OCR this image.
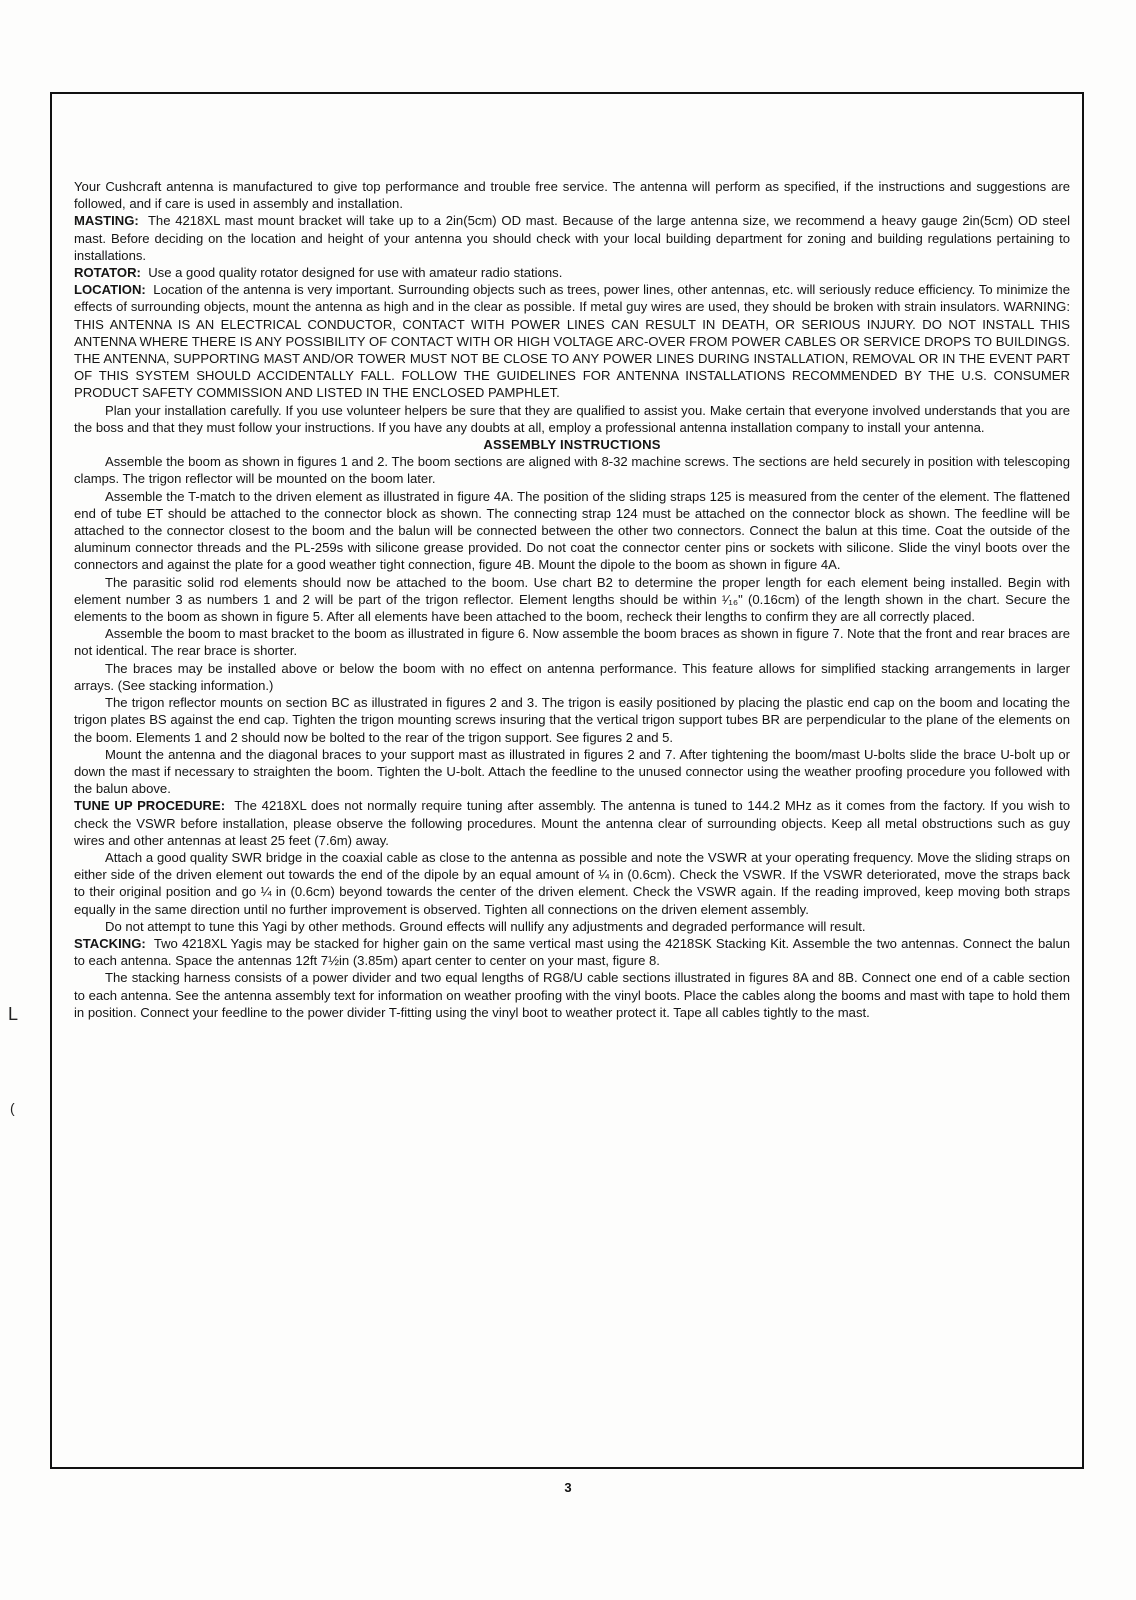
L
(

Your Cushcraft antenna is manufactured to give top performance and trouble free service. The antenna will perform as specified, if the instructions and suggestions are followed, and if care is used in assembly and installation.

MASTING: The 4218XL mast mount bracket will take up to a 2in(5cm) OD mast. Because of the large antenna size, we recommend a heavy gauge 2in(5cm) OD steel mast. Before deciding on the location and height of your antenna you should check with your local building department for zoning and building regulations pertaining to installations.

ROTATOR: Use a good quality rotator designed for use with amateur radio stations.

LOCATION: Location of the antenna is very important. Surrounding objects such as trees, power lines, other antennas, etc. will seriously reduce efficiency. To minimize the effects of surrounding objects, mount the antenna as high and in the clear as possible. If metal guy wires are used, they should be broken with strain insulators. WARNING: THIS ANTENNA IS AN ELECTRICAL CONDUCTOR, CONTACT WITH POWER LINES CAN RESULT IN DEATH, OR SERIOUS INJURY. DO NOT INSTALL THIS ANTENNA WHERE THERE IS ANY POSSIBILITY OF CONTACT WITH OR HIGH VOLTAGE ARC-OVER FROM POWER CABLES OR SERVICE DROPS TO BUILDINGS. THE ANTENNA, SUPPORTING MAST AND/OR TOWER MUST NOT BE CLOSE TO ANY POWER LINES DURING INSTALLATION, REMOVAL OR IN THE EVENT PART OF THIS SYSTEM SHOULD ACCIDENTALLY FALL. FOLLOW THE GUIDELINES FOR ANTENNA INSTALLATIONS RECOMMENDED BY THE U.S. CONSUMER PRODUCT SAFETY COMMISSION AND LISTED IN THE ENCLOSED PAMPHLET.

Plan your installation carefully. If you use volunteer helpers be sure that they are qualified to assist you. Make certain that everyone involved understands that you are the boss and that they must follow your instructions. If you have any doubts at all, employ a professional antenna installation company to install your antenna.

ASSEMBLY INSTRUCTIONS

Assemble the boom as shown in figures 1 and 2. The boom sections are aligned with 8-32 machine screws. The sections are held securely in position with telescoping clamps. The trigon reflector will be mounted on the boom later.

Assemble the T-match to the driven element as illustrated in figure 4A. The position of the sliding straps 125 is measured from the center of the element. The flattened end of tube ET should be attached to the connector block as shown. The connecting strap 124 must be attached on the connector block as shown. The feedline will be attached to the connector closest to the boom and the balun will be connected between the other two connectors. Connect the balun at this time. Coat the outside of the aluminum connector threads and the PL-259s with silicone grease provided. Do not coat the connector center pins or sockets with silicone. Slide the vinyl boots over the connectors and against the plate for a good weather tight connection, figure 4B. Mount the dipole to the boom as shown in figure 4A.

The parasitic solid rod elements should now be attached to the boom. Use chart B2 to determine the proper length for each element being installed. Begin with element number 3 as numbers 1 and 2 will be part of the trigon reflector. Element lengths should be within ¹⁄₁₆" (0.16cm) of the length shown in the chart. Secure the elements to the boom as shown in figure 5. After all elements have been attached to the boom, recheck their lengths to confirm they are all correctly placed.

Assemble the boom to mast bracket to the boom as illustrated in figure 6. Now assemble the boom braces as shown in figure 7. Note that the front and rear braces are not identical. The rear brace is shorter.

The braces may be installed above or below the boom with no effect on antenna performance. This feature allows for simplified stacking arrangements in larger arrays. (See stacking information.)

The trigon reflector mounts on section BC as illustrated in figures 2 and 3. The trigon is easily positioned by placing the plastic end cap on the boom and locating the trigon plates BS against the end cap. Tighten the trigon mounting screws insuring that the vertical trigon support tubes BR are perpendicular to the plane of the elements on the boom. Elements 1 and 2 should now be bolted to the rear of the trigon support. See figures 2 and 5.

Mount the antenna and the diagonal braces to your support mast as illustrated in figures 2 and 7. After tightening the boom/mast U-bolts slide the brace U-bolt up or down the mast if necessary to straighten the boom. Tighten the U-bolt. Attach the feedline to the unused connector using the weather proofing procedure you followed with the balun above.

TUNE UP PROCEDURE: The 4218XL does not normally require tuning after assembly. The antenna is tuned to 144.2 MHz as it comes from the factory. If you wish to check the VSWR before installation, please observe the following procedures. Mount the antenna clear of surrounding objects. Keep all metal obstructions such as guy wires and other antennas at least 25 feet (7.6m) away.

Attach a good quality SWR bridge in the coaxial cable as close to the antenna as possible and note the VSWR at your operating frequency. Move the sliding straps on either side of the driven element out towards the end of the dipole by an equal amount of ¼ in (0.6cm). Check the VSWR. If the VSWR deteriorated, move the straps back to their original position and go ¼ in (0.6cm) beyond towards the center of the driven element. Check the VSWR again. If the reading improved, keep moving both straps equally in the same direction until no further improvement is observed. Tighten all connections on the driven element assembly.

Do not attempt to tune this Yagi by other methods. Ground effects will nullify any adjustments and degraded performance will result.

STACKING: Two 4218XL Yagis may be stacked for higher gain on the same vertical mast using the 4218SK Stacking Kit. Assemble the two antennas. Connect the balun to each antenna. Space the antennas 12ft 7½in (3.85m) apart center to center on your mast, figure 8.

The stacking harness consists of a power divider and two equal lengths of RG8/U cable sections illustrated in figures 8A and 8B. Connect one end of a cable section to each antenna. See the antenna assembly text for information on weather proofing with the vinyl boots. Place the cables along the booms and mast with tape to hold them in position. Connect your feedline to the power divider T-fitting using the vinyl boot to weather protect it. Tape all cables tightly to the mast.

3
